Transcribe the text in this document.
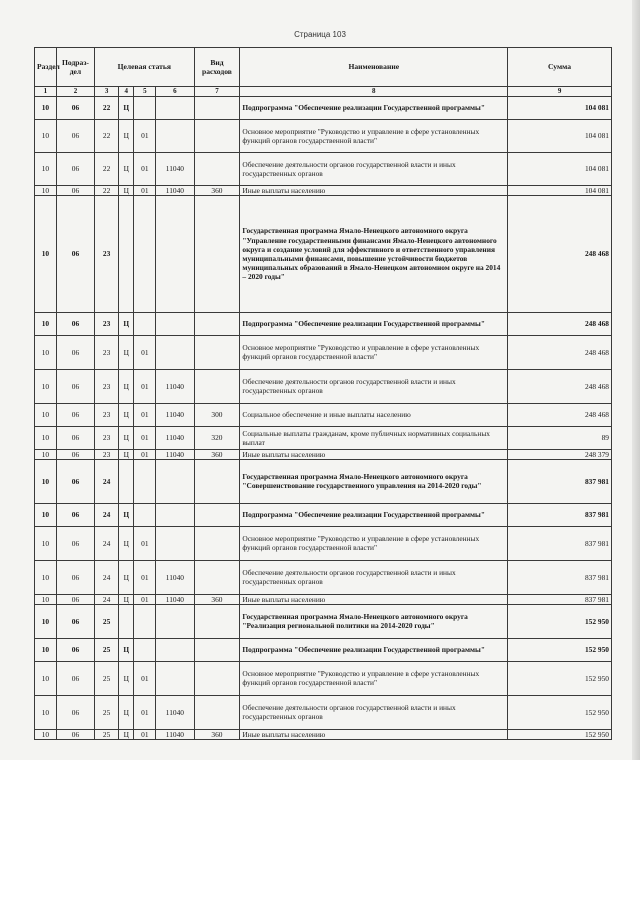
Страница 103
Раздел	Подраз-дел	Целевая статья				Вид расходов	Наименование	Сумма
1	2	3	4	5	6	7	8	9
10	06	22	Ц				Подпрограмма "Обеспечение реализации Государственной программы"	104 081
10	06	22	Ц	01			Основное мероприятие "Руководство и управление в сфере установленных функций органов государственной власти"	104 081
10	06	22	Ц	01	11040		Обеспечение деятельности органов государственной власти и иных государственных органов	104 081
10	06	22	Ц	01	11040	360	Иные выплаты населению	104 081
10	06	23					Государственная программа Ямало-Ненецкого автономного округа "Управление государственными финансами Ямало-Ненецкого автономного округа и создание условий для эффективного и ответственного управления муниципальными финансами, повышение устойчивости бюджетов муниципальных образований в Ямало-Ненецком автономном округе на 2014 – 2020 годы"	248 468
10	06	23	Ц				Подпрограмма "Обеспечение реализации Государственной программы"	248 468
10	06	23	Ц	01			Основное мероприятие "Руководство и управление в сфере установленных функций органов государственной власти"	248 468
10	06	23	Ц	01	11040		Обеспечение деятельности органов государственной власти и иных государственных органов	248 468
10	06	23	Ц	01	11040	300	Социальное обеспечение и иные выплаты населению	248 468
10	06	23	Ц	01	11040	320	Социальные выплаты гражданам, кроме публичных нормативных социальных выплат	89
10	06	23	Ц	01	11040	360	Иные выплаты населению	248 379
10	06	24					Государственная программа Ямало-Ненецкого автономного округа "Совершенствование государственного управления на 2014-2020 годы"	837 981
10	06	24	Ц				Подпрограмма "Обеспечение реализации Государственной программы"	837 981
10	06	24	Ц	01			Основное мероприятие "Руководство и управление в сфере установленных функций органов государственной власти"	837 981
10	06	24	Ц	01	11040		Обеспечение деятельности органов государственной власти и иных государственных органов	837 981
10	06	24	Ц	01	11040	360	Иные выплаты населению	837 981
10	06	25					Государственная программа Ямало-Ненецкого автономного округа "Реализация региональной политики на 2014-2020 годы"	152 950
10	06	25	Ц				Подпрограмма "Обеспечение реализации Государственной программы"	152 950
10	06	25	Ц	01			Основное мероприятие "Руководство и управление в сфере установленных функций органов государственной власти"	152 950
10	06	25	Ц	01	11040		Обеспечение деятельности органов государственной власти и иных государственных органов	152 950
10	06	25	Ц	01	11040	360	Иные выплаты населению	152 950
